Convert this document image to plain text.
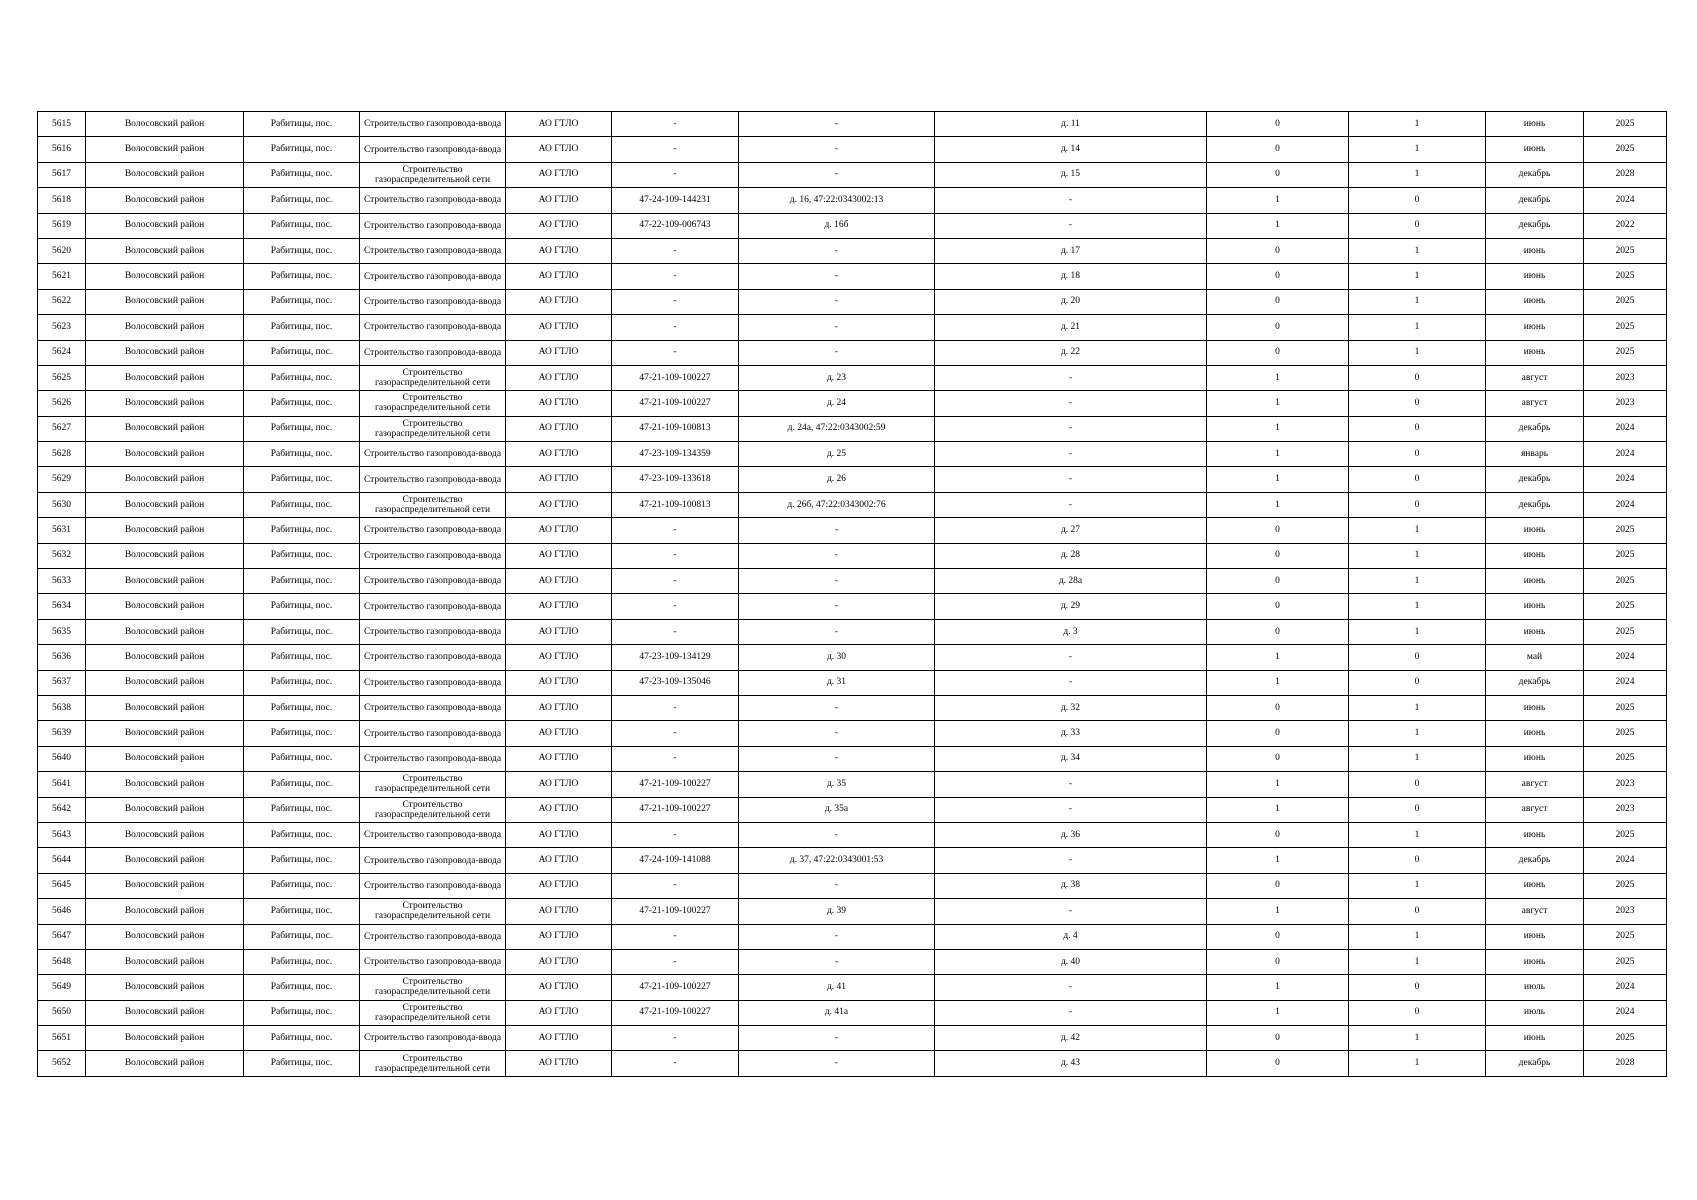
5615	Волосовский район	Рабитицы, пос.	Строительство газопровода-ввода	АО ГТЛО	-	-	д. 11	0	1	июнь	2025
5616	Волосовский район	Рабитицы, пос.	Строительство газопровода-ввода	АО ГТЛО	-	-	д. 14	0	1	июнь	2025
5617	Волосовский район	Рабитицы, пос.	Строительство газораспределительной сети	АО ГТЛО	-	-	д. 15	0	1	декабрь	2028
5618	Волосовский район	Рабитицы, пос.	Строительство газопровода-ввода	АО ГТЛО	47-24-109-144231	д. 16, 47:22:0343002:13	-	1	0	декабрь	2024
5619	Волосовский район	Рабитицы, пос.	Строительство газопровода-ввода	АО ГТЛО	47-22-109-006743	д. 16б	-	1	0	декабрь	2022
5620	Волосовский район	Рабитицы, пос.	Строительство газопровода-ввода	АО ГТЛО	-	-	д. 17	0	1	июнь	2025
5621	Волосовский район	Рабитицы, пос.	Строительство газопровода-ввода	АО ГТЛО	-	-	д. 18	0	1	июнь	2025
5622	Волосовский район	Рабитицы, пос.	Строительство газопровода-ввода	АО ГТЛО	-	-	д. 20	0	1	июнь	2025
5623	Волосовский район	Рабитицы, пос.	Строительство газопровода-ввода	АО ГТЛО	-	-	д. 21	0	1	июнь	2025
5624	Волосовский район	Рабитицы, пос.	Строительство газопровода-ввода	АО ГТЛО	-	-	д. 22	0	1	июнь	2025
5625	Волосовский район	Рабитицы, пос.	Строительство газораспределительной сети	АО ГТЛО	47-21-109-100227	д. 23	-	1	0	август	2023
5626	Волосовский район	Рабитицы, пос.	Строительство газораспределительной сети	АО ГТЛО	47-21-109-100227	д. 24	-	1	0	август	2023
5627	Волосовский район	Рабитицы, пос.	Строительство газораспределительной сети	АО ГТЛО	47-21-109-100813	д. 24а, 47:22:0343002:59	-	1	0	декабрь	2024
5628	Волосовский район	Рабитицы, пос.	Строительство газопровода-ввода	АО ГТЛО	47-23-109-134359	д. 25	-	1	0	январь	2024
5629	Волосовский район	Рабитицы, пос.	Строительство газопровода-ввода	АО ГТЛО	47-23-109-133618	д. 26	-	1	0	декабрь	2024
5630	Волосовский район	Рабитицы, пос.	Строительство газораспределительной сети	АО ГТЛО	47-21-109-100813	д. 26б, 47:22:0343002:76	-	1	0	декабрь	2024
5631	Волосовский район	Рабитицы, пос.	Строительство газопровода-ввода	АО ГТЛО	-	-	д. 27	0	1	июнь	2025
5632	Волосовский район	Рабитицы, пос.	Строительство газопровода-ввода	АО ГТЛО	-	-	д. 28	0	1	июнь	2025
5633	Волосовский район	Рабитицы, пос.	Строительство газопровода-ввода	АО ГТЛО	-	-	д. 28а	0	1	июнь	2025
5634	Волосовский район	Рабитицы, пос.	Строительство газопровода-ввода	АО ГТЛО	-	-	д. 29	0	1	июнь	2025
5635	Волосовский район	Рабитицы, пос.	Строительство газопровода-ввода	АО ГТЛО	-	-	д. 3	0	1	июнь	2025
5636	Волосовский район	Рабитицы, пос.	Строительство газопровода-ввода	АО ГТЛО	47-23-109-134129	д. 30	-	1	0	май	2024
5637	Волосовский район	Рабитицы, пос.	Строительство газопровода-ввода	АО ГТЛО	47-23-109-135046	д. 31	-	1	0	декабрь	2024
5638	Волосовский район	Рабитицы, пос.	Строительство газопровода-ввода	АО ГТЛО	-	-	д. 32	0	1	июнь	2025
5639	Волосовский район	Рабитицы, пос.	Строительство газопровода-ввода	АО ГТЛО	-	-	д. 33	0	1	июнь	2025
5640	Волосовский район	Рабитицы, пос.	Строительство газопровода-ввода	АО ГТЛО	-	-	д. 34	0	1	июнь	2025
5641	Волосовский район	Рабитицы, пос.	Строительство газораспределительной сети	АО ГТЛО	47-21-109-100227	д. 35	-	1	0	август	2023
5642	Волосовский район	Рабитицы, пос.	Строительство газораспределительной сети	АО ГТЛО	47-21-109-100227	д. 35а	-	1	0	август	2023
5643	Волосовский район	Рабитицы, пос.	Строительство газопровода-ввода	АО ГТЛО	-	-	д. 36	0	1	июнь	2025
5644	Волосовский район	Рабитицы, пос.	Строительство газопровода-ввода	АО ГТЛО	47-24-109-141088	д. 37, 47:22:0343001:53	-	1	0	декабрь	2024
5645	Волосовский район	Рабитицы, пос.	Строительство газопровода-ввода	АО ГТЛО	-	-	д. 38	0	1	июнь	2025
5646	Волосовский район	Рабитицы, пос.	Строительство газораспределительной сети	АО ГТЛО	47-21-109-100227	д. 39	-	1	0	август	2023
5647	Волосовский район	Рабитицы, пос.	Строительство газопровода-ввода	АО ГТЛО	-	-	д. 4	0	1	июнь	2025
5648	Волосовский район	Рабитицы, пос.	Строительство газопровода-ввода	АО ГТЛО	-	-	д. 40	0	1	июнь	2025
5649	Волосовский район	Рабитицы, пос.	Строительство газораспределительной сети	АО ГТЛО	47-21-109-100227	д. 41	-	1	0	июль	2024
5650	Волосовский район	Рабитицы, пос.	Строительство газораспределительной сети	АО ГТЛО	47-21-109-100227	д. 41а	-	1	0	июль	2024
5651	Волосовский район	Рабитицы, пос.	Строительство газопровода-ввода	АО ГТЛО	-	-	д. 42	0	1	июнь	2025
5652	Волосовский район	Рабитицы, пос.	Строительство газораспределительной сети	АО ГТЛО	-	-	д. 43	0	1	декабрь	2028
